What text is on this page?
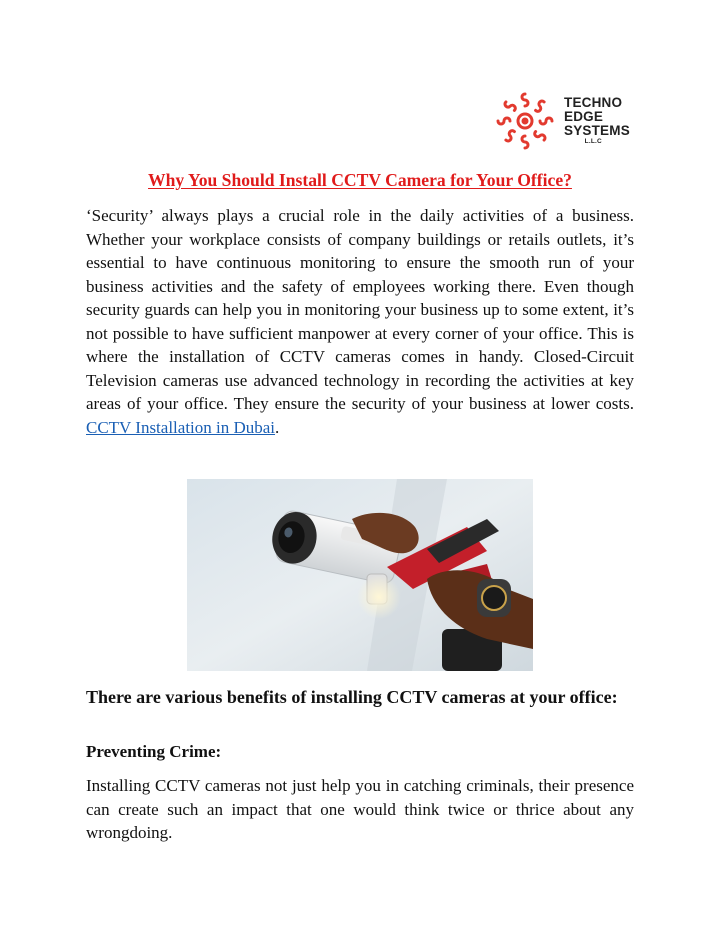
TECHNO
EDGE
SYSTEMS
L.L.C
Why You Should Install CCTV Camera for Your Office?

‘Security’ always plays a crucial role in the daily activities of a business. Whether your workplace consists of company buildings or retails outlets, it’s essential to have continuous monitoring to ensure the smooth run of your business activities and the safety of employees working there. Even though security guards can help you in monitoring your business up to some extent, it’s not possible to have sufficient manpower at every corner of your office. This is where the installation of CCTV cameras comes in handy. Closed-Circuit Television cameras use advanced technology in recording the activities at key areas of your office. They ensure the security of your business at lower costs. CCTV Installation in Dubai.

There are various benefits of installing CCTV cameras at your office:

Preventing Crime:

Installing CCTV cameras not just help you in catching criminals, their presence can create such an impact that one would think twice or thrice about any wrongdoing.
